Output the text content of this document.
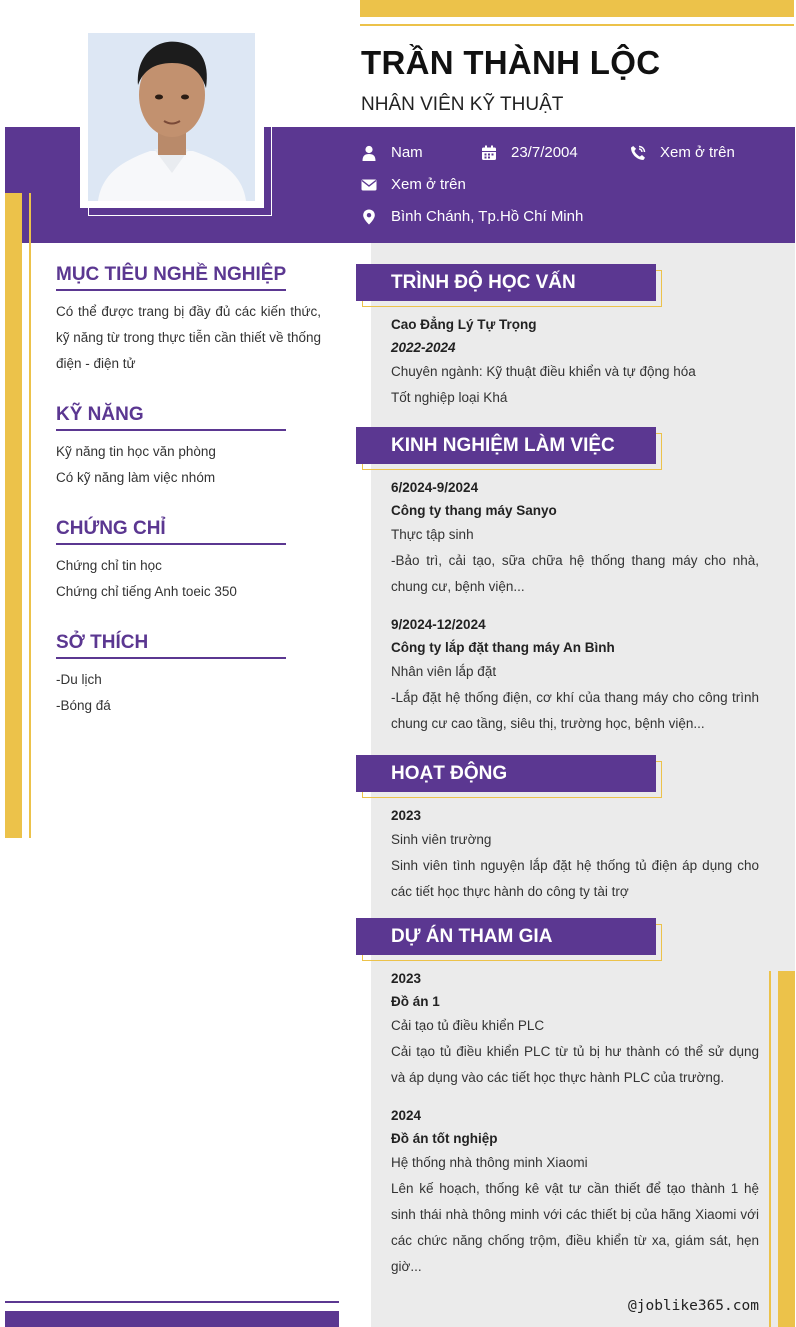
TRẦN THÀNH LỘC
NHÂN VIÊN KỸ THUẬT
Nam	23/7/2004	Xem ở trên
Xem ở trên
Bình Chánh, Tp.Hồ Chí Minh
MỤC TIÊU NGHỀ NGHIỆP
Có thể được trang bị đầy đủ các kiến thức, kỹ năng từ trong thực tiễn cần thiết về thống điện - điện tử
KỸ NĂNG
Kỹ năng tin học văn phòng
Có kỹ năng làm việc nhóm
CHỨNG CHỈ
Chứng chỉ tin học
Chứng chỉ tiếng Anh toeic 350
SỞ THÍCH
-Du lịch
-Bóng đá
TRÌNH ĐỘ HỌC VẤN
Cao Đẳng Lý Tự Trọng
2022-2024
Chuyên ngành: Kỹ thuật điều khiển và tự động hóa
Tốt nghiệp loại Khá
KINH NGHIỆM LÀM VIỆC
6/2024-9/2024
Công ty thang máy Sanyo
Thực tập sinh
-Bảo trì, cải tạo, sữa chữa hệ thống thang máy cho nhà, chung cư, bệnh viện...
9/2024-12/2024
Công ty lắp đặt thang máy An Bình
Nhân viên lắp đặt
-Lắp đặt hệ thống điện, cơ khí của thang máy cho công trình chung cư cao tầng, siêu thị, trường học, bệnh viện...
HOẠT ĐỘNG
2023
Sinh viên trường
Sinh viên tình nguyện lắp đặt hệ thống tủ điện áp dụng cho các tiết học thực hành do công ty tài trợ
DỰ ÁN THAM GIA
2023
Đồ án 1
Cải tạo tủ điều khiển PLC
Cải tạo tủ điều khiển PLC từ tủ bị hư thành có thể sử dụng và áp dụng vào các tiết học thực hành PLC của trường.
2024
Đồ án tốt nghiệp
Hệ thống nhà thông minh Xiaomi
Lên kế hoạch, thống kê vật tư cần thiết để tạo thành 1 hệ sinh thái nhà thông minh với các thiết bị của hãng Xiaomi với các chức năng chống trộm, điều khiển từ xa, giám sát, hẹn giờ...
@joblike365.com
